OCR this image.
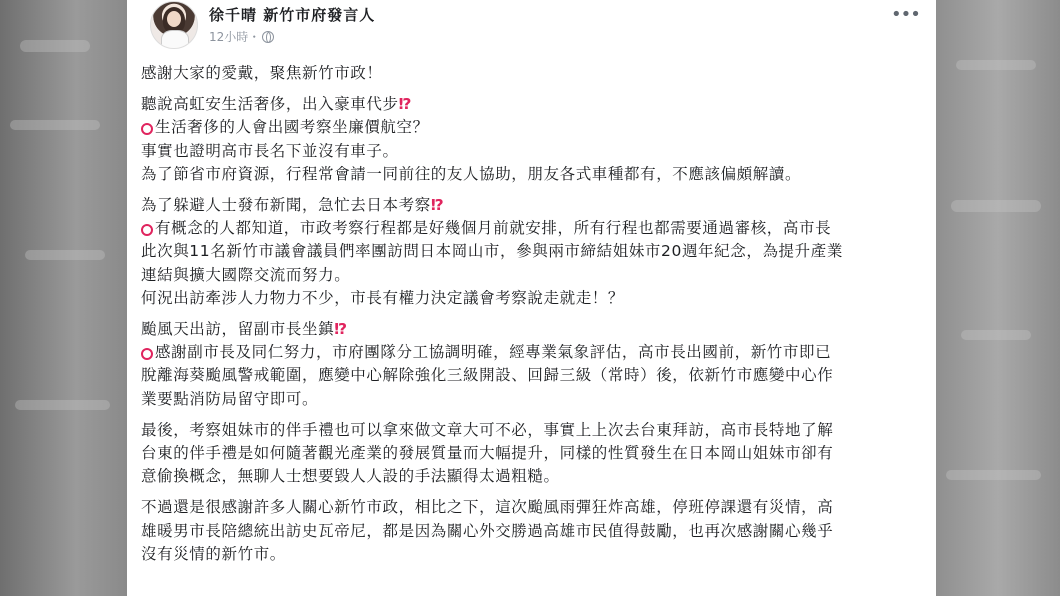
徐千晴 新竹市府發言人
12小時・
•••
感謝大家的愛戴，聚焦新竹市政！
聽說高虹安生活奢侈，出入豪車代步⁉
生活奢侈的人會出國考察坐廉價航空？
事實也證明高市長名下並沒有車子。
為了節省市府資源，行程常會請一同前往的友人協助，朋友各式車種都有，不應該偏頗解讀。
為了躲避人士發布新聞，急忙去日本考察⁉
有概念的人都知道，市政考察行程都是好幾個月前就安排，所有行程也都需要通過審核，高市長
此次與11名新竹市議會議員們率團訪問日本岡山市，參與兩市締結姐妹市20週年紀念，為提升產業
連結與擴大國際交流而努力。
何況出訪牽涉人力物力不少，市長有權力決定議會考察說走就走！？
颱風天出訪，留副市長坐鎮⁉
感謝副市長及同仁努力，市府團隊分工協調明確，經專業氣象評估，高市長出國前，新竹市即已
脫離海葵颱風警戒範圍，應變中心解除強化三級開設、回歸三級（常時）後，依新竹市應變中心作
業要點消防局留守即可。
最後，考察姐妹市的伴手禮也可以拿來做文章大可不必，事實上上次去台東拜訪，高市長特地了解
台東的伴手禮是如何隨著觀光產業的發展質量而大幅提升，同樣的性質發生在日本岡山姐妹市卻有
意偷換概念，無聊人士想要毀人人設的手法顯得太過粗糙。
不過還是很感謝許多人關心新竹市政，相比之下，這次颱風雨彈狂炸高雄，停班停課還有災情，高
雄暖男市長陪總統出訪史瓦帝尼，都是因為關心外交勝過高雄市民值得鼓勵，也再次感謝關心幾乎
沒有災情的新竹市。
